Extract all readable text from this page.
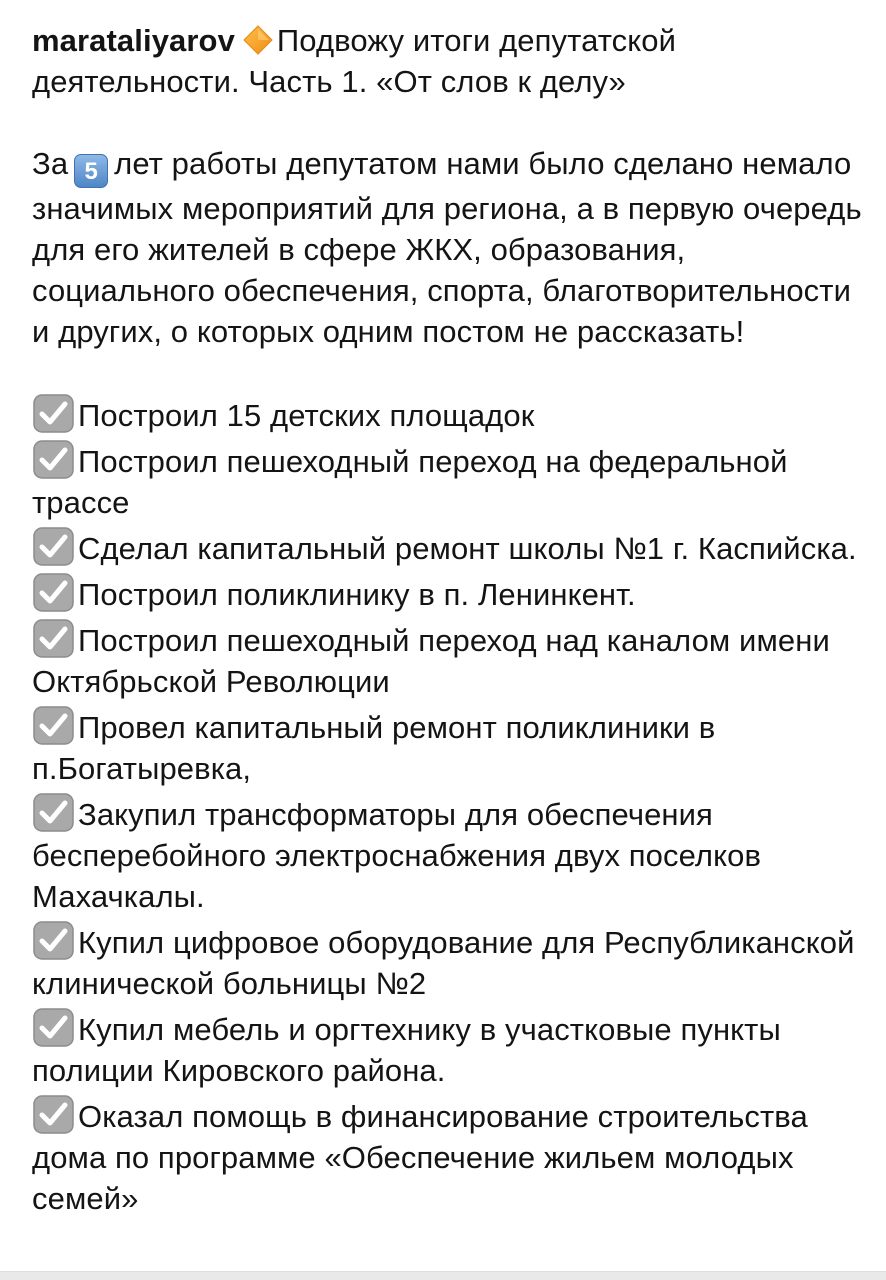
marataliyarov Подвожу итоги депутатской деятельности. Часть 1. «От слов к делу»

За 5 лет работы депутатом нами было сделано немало значимых мероприятий для региона, а в первую очередь для его жителей в сфере ЖКХ, образования, социального обеспечения, спорта, благотворительности и других, о которых одним постом не рассказать!

Построил 15 детских площадок

Построил пешеходный переход на федеральной трассе

Сделал капитальный ремонт школы №1 г. Каспийска.

Построил поликлинику в п. Ленинкент.

Построил пешеходный переход над каналом имени Октябрьской Революции

Провел капитальный ремонт поликлиники в п.Богатыревка,

Закупил трансформаторы для обеспечения бесперебойного электроснабжения двух поселков Махачкалы.

Купил цифровое оборудование для Республиканской клинической больницы №2

Купил мебель и оргтехнику в участковые пункты полиции Кировского района.

Оказал помощь в финансирование строительства дома по программе «Обеспечение жильем молодых семей»
